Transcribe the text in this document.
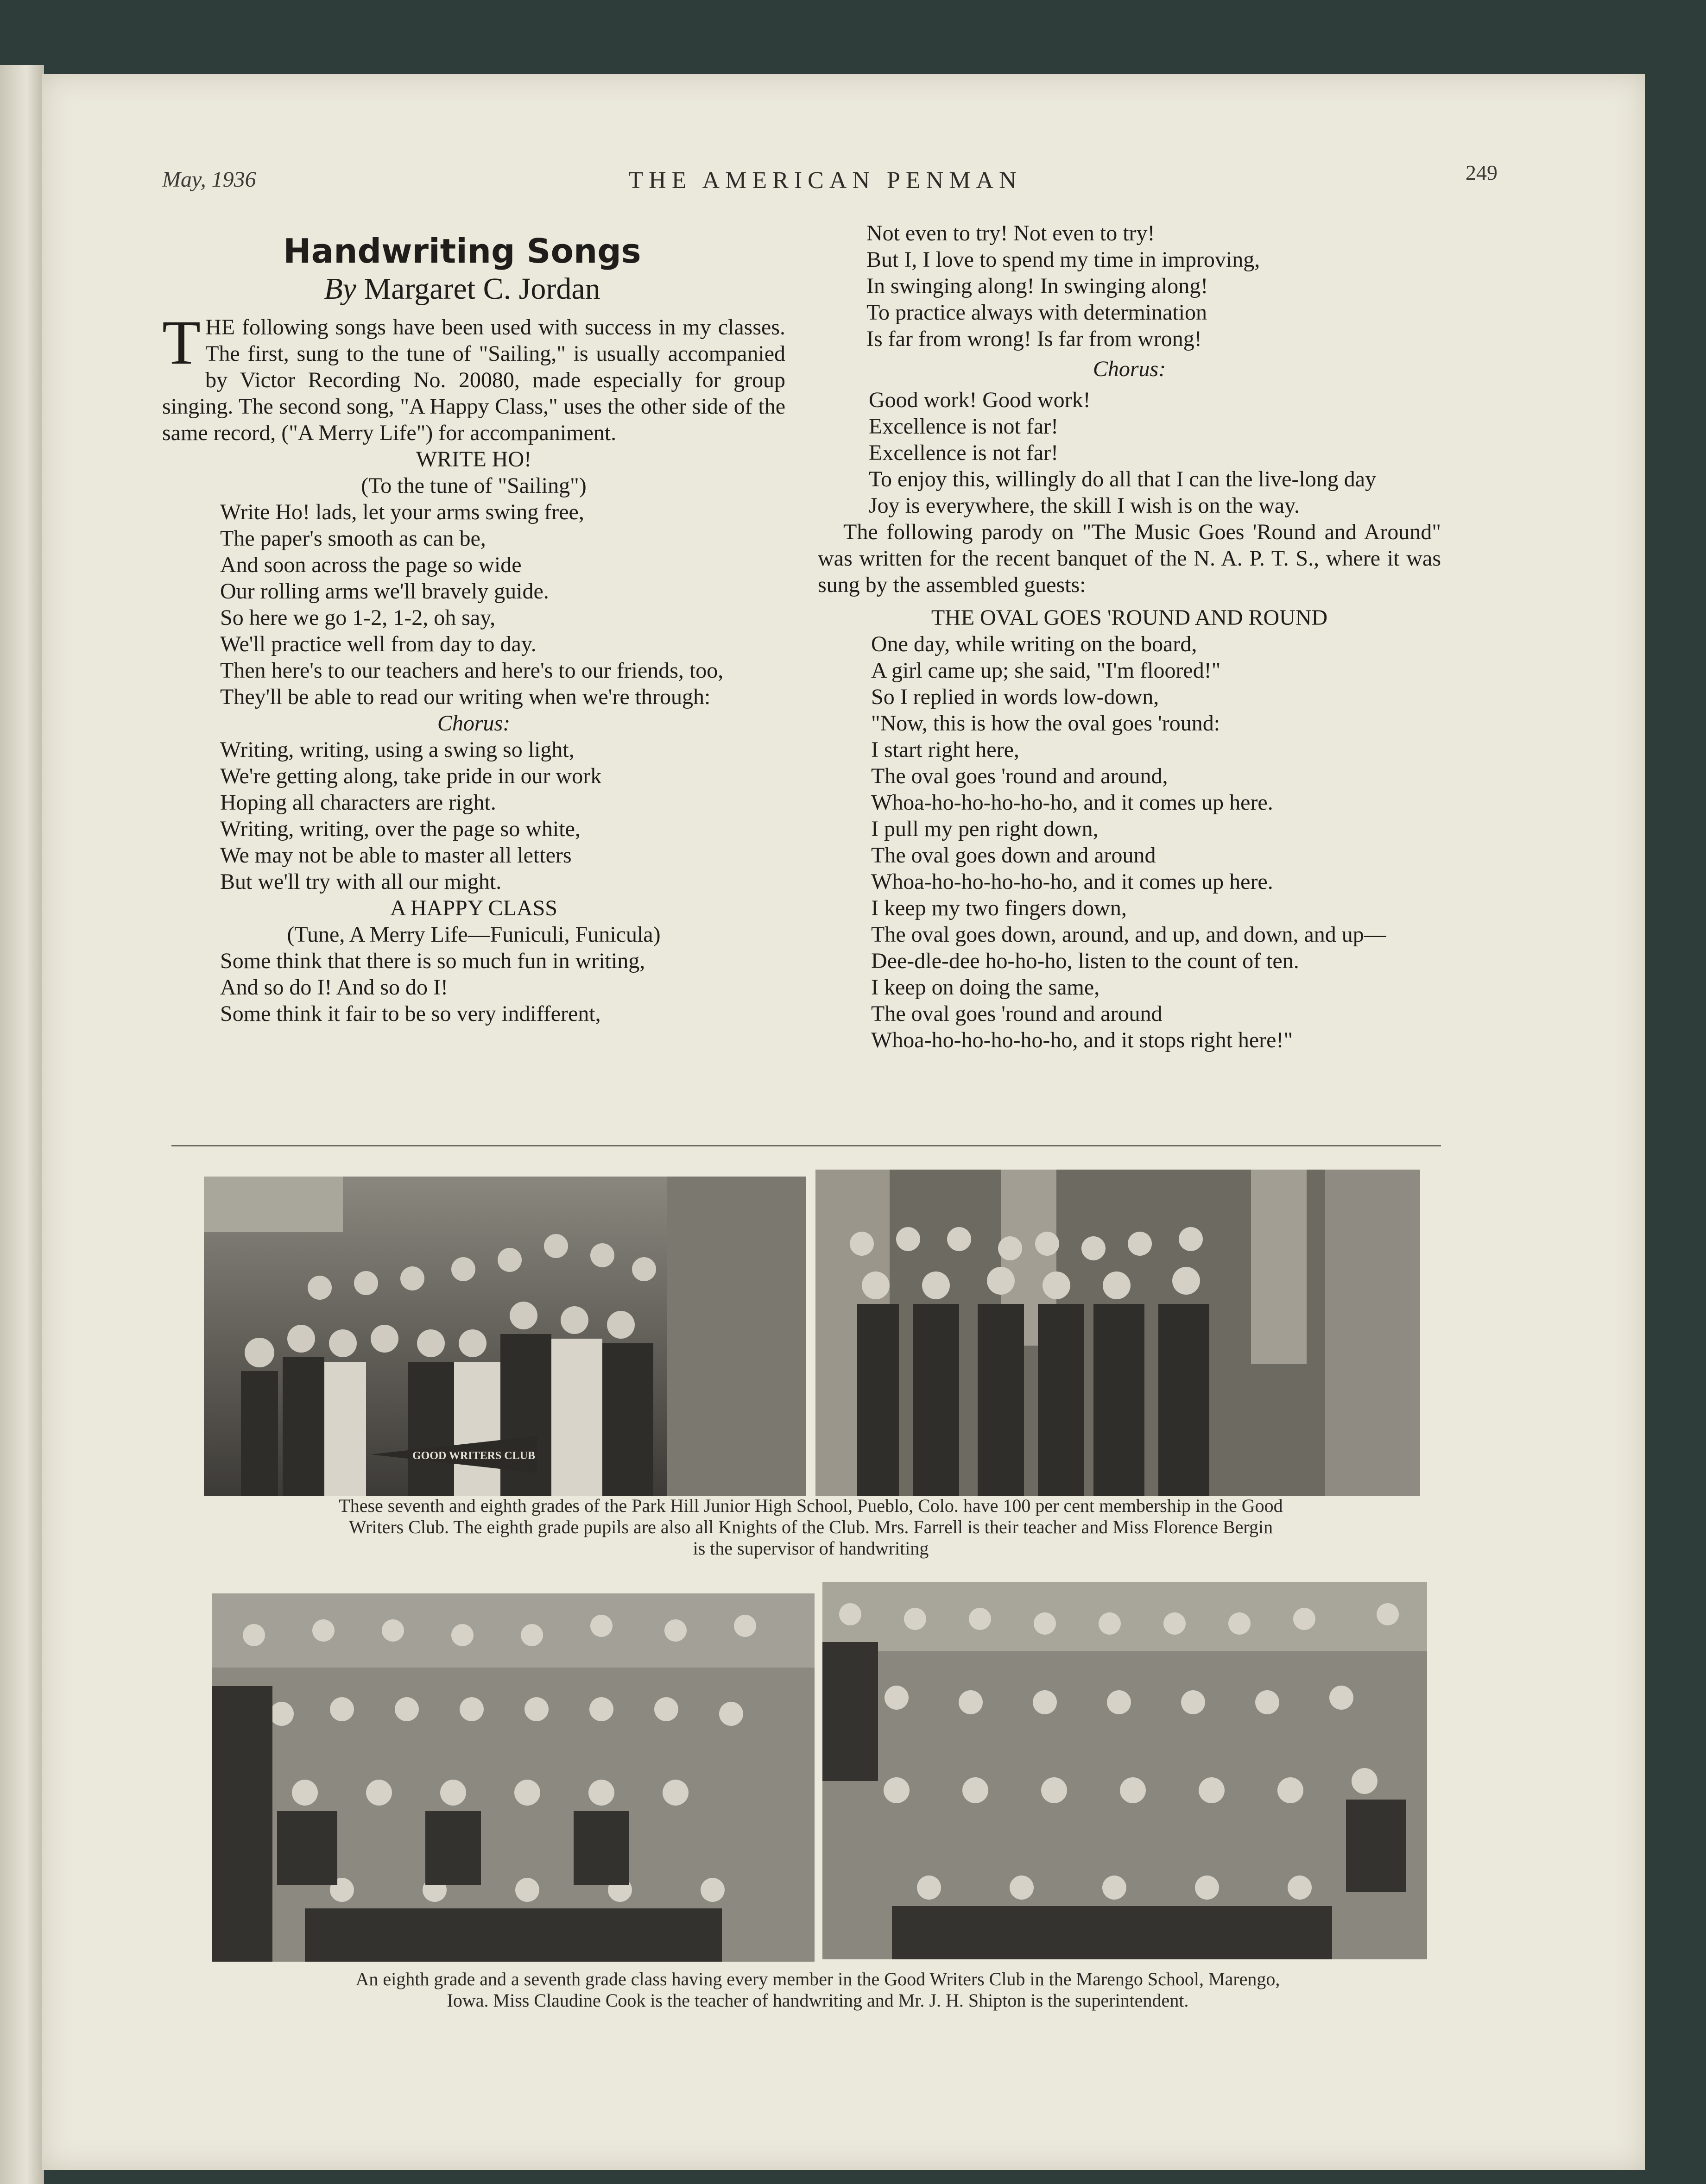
May, 1936	THE AMERICAN PENMAN	249
Handwriting Songs
By Margaret C. Jordan

THE following songs have been used with success in my classes. The first, sung to the tune of "Sailing," is usually accompanied by Victor Recording No. 20080, made especially for group singing. The second song, "A Happy Class," uses the other side of the same record, ("A Merry Life") for accompaniment.

WRITE HO!

(To the tune of "Sailing")

Write Ho! lads, let your arms swing free,

The paper's smooth as can be,

And soon across the page so wide

Our rolling arms we'll bravely guide.

So here we go 1-2, 1-2, oh say,

We'll practice well from day to day.

Then here's to our teachers and here's to our friends, too,

They'll be able to read our writing when we're through:

Chorus:

Writing, writing, using a swing so light,

We're getting along, take pride in our work

Hoping all characters are right.

Writing, writing, over the page so white,

We may not be able to master all letters

But we'll try with all our might.

A HAPPY CLASS

(Tune, A Merry Life—Funiculi, Funicula)

Some think that there is so much fun in writing,

And so do I! And so do I!

Some think it fair to be so very indifferent,

Not even to try! Not even to try!

But I, I love to spend my time in improving,

In swinging along! In swinging along!

To practice always with determination

Is far from wrong! Is far from wrong!

Chorus:

Good work! Good work!

Excellence is not far!

Excellence is not far!

To enjoy this, willingly do all that I can the live-long day

Joy is everywhere, the skill I wish is on the way.

The following parody on "The Music Goes 'Round and Around" was written for the recent banquet of the N. A. P. T. S., where it was sung by the assembled guests:

THE OVAL GOES 'ROUND AND ROUND

One day, while writing on the board,

A girl came up; she said, "I'm floored!"

So I replied in words low-down,

"Now, this is how the oval goes 'round:

I start right here,

The oval goes 'round and around,

Whoa-ho-ho-ho-ho-ho, and it comes up here.

I pull my pen right down,

The oval goes down and around

Whoa-ho-ho-ho-ho-ho, and it comes up here.

I keep my two fingers down,

The oval goes down, around, and up, and down, and up—

Dee-dle-dee ho-ho-ho, listen to the count of ten.

I keep on doing the same,

The oval goes 'round and around

Whoa-ho-ho-ho-ho-ho, and it stops right here!"

GOOD WRITERS CLUB

These seventh and eighth grades of the Park Hill Junior High School, Pueblo, Colo. have 100 per cent membership in the Good

Writers Club. The eighth grade pupils are also all Knights of the Club. Mrs. Farrell is their teacher and Miss Florence Bergin

is the supervisor of handwriting

An eighth grade and a seventh grade class having every member in the Good Writers Club in the Marengo School, Marengo,

Iowa. Miss Claudine Cook is the teacher of handwriting and Mr. J. H. Shipton is the superintendent.
